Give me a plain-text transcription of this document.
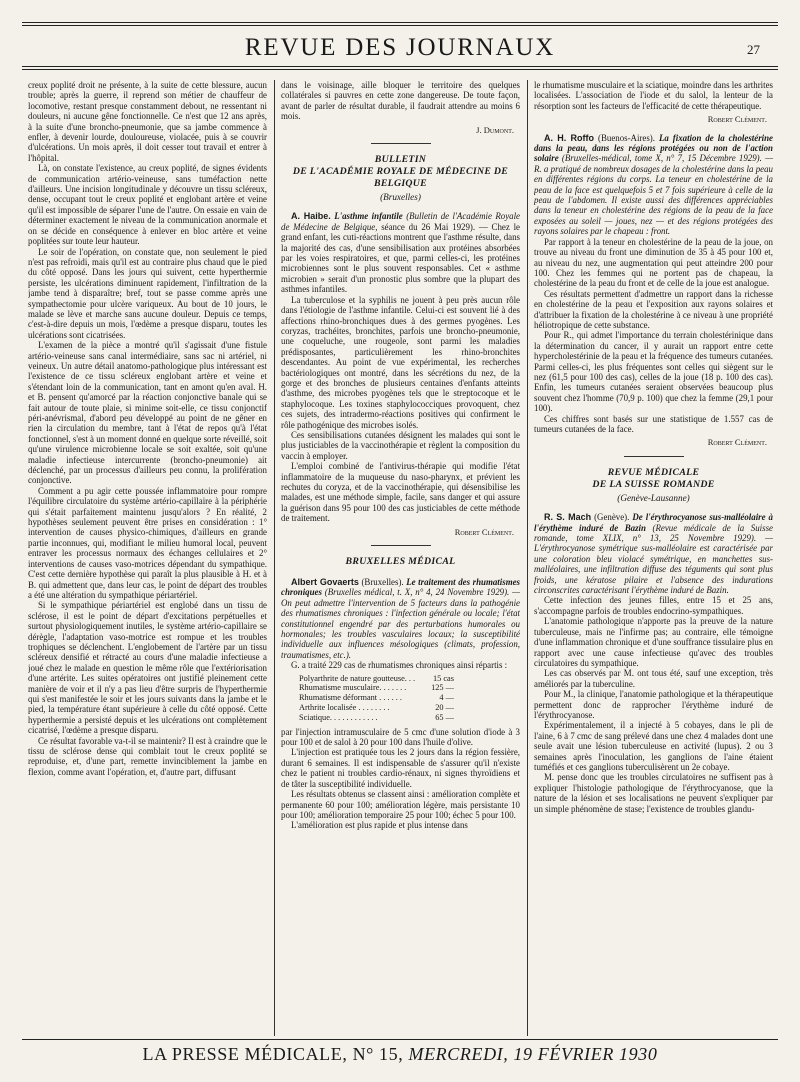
REVUE DES JOURNAUX	27

creux poplité droit ne présente, à la suite de cette blessure, aucun trouble; après la guerre, il reprend son métier de chauffeur de locomotive, restant presque constamment debout, ne ressentant ni douleurs, ni aucune gêne fonctionnelle. Ce n'est que 12 ans après, à la suite d'une broncho-pneumonie, que sa jambe commence à enfler, à devenir lourde, douloureuse, violacée, puis à se couvrir d'ulcérations. Un mois après, il doit cesser tout travail et entrer à l'hôpital.

Là, on constate l'existence, au creux poplité, de signes évidents de communication artério-veineuse, sans tuméfaction nette d'ailleurs. Une incision longitudinale y découvre un tissu scléreux, dense, occupant tout le creux poplité et englobant artère et veine qu'il est impossible de séparer l'une de l'autre. On essaie en vain de déterminer exactement le niveau de la communication anormale et on se décide en conséquence à enlever en bloc artère et veine poplitées sur toute leur hauteur.

Le soir de l'opération, on constate que, non seulement le pied n'est pas refroidi, mais qu'il est au contraire plus chaud que le pied du côté opposé. Dans les jours qui suivent, cette hyperthermie persiste, les ulcérations diminuent rapidement, l'infiltration de la jambe tend à disparaître; bref, tout se passe comme après une sympathectomie pour ulcère variqueux. Au bout de 10 jours, le malade se lève et marche sans aucune douleur. Depuis ce temps, c'est-à-dire depuis un mois, l'œdème a presque disparu, toutes les ulcérations sont cicatrisées.

L'examen de la pièce a montré qu'il s'agissait d'une fistule artério-veineuse sans canal intermédiaire, sans sac ni artériel, ni veineux. Un autre détail anatomo-pathologique plus intéressant est l'existence de ce tissu scléreux englobant artère et veine et s'étendant loin de la communication, tant en amont qu'en aval. H. et B. pensent qu'amorcé par la réaction conjonctive banale qui se fait autour de toute plaie, si minime soit-elle, ce tissu conjonctif péri-anévrismal, d'abord peu développé au point de ne gêner en rien la circulation du membre, tant à l'état de repos qu'à l'état fonctionnel, s'est à un moment donné en quelque sorte réveillé, soit qu'une virulence microbienne locale se soit exaltée, soit qu'une maladie infectieuse intercurrente (broncho-pneumonie) ait déclenché, par un processus d'ailleurs peu connu, la prolifération conjonctive.

Comment a pu agir cette poussée inflammatoire pour rompre l'équilibre circulatoire du système artério-capillaire à la périphérie qui s'était parfaitement maintenu jusqu'alors ? En réalité, 2 hypothèses seulement peuvent être prises en considération : 1° intervention de causes physico-chimiques, d'ailleurs en grande partie inconnues, qui, modifiant le milieu humoral local, peuvent entraver les processus normaux des échanges cellulaires et 2° interventions de causes vaso-motrices dépendant du sympathique. C'est cette dernière hypothèse qui paraît la plus plausible à H. et à B. qui admettent que, dans leur cas, le point de départ des troubles a été une altération du sympathique périartériel.

Si le sympathique périartériel est englobé dans un tissu de sclérose, il est le point de départ d'excitations perpétuelles et surtout physiologiquement inutiles, le système artério-capillaire se dérègle, l'adaptation vaso-motrice est rompue et les troubles trophiques se déclenchent. L'englobement de l'artère par un tissu scléreux densifié et rétracté au cours d'une maladie infectieuse a joué chez le malade en question le même rôle que l'extériorisation d'une artérite. Les suites opératoires ont justifié pleinement cette manière de voir et il n'y a pas lieu d'être surpris de l'hyperthermie qui s'est manifestée le soir et les jours suivants dans la jambe et le pied, la température étant supérieure à celle du côté opposé. Cette hyperthermie a persisté depuis et les ulcérations ont complètement cicatrisé, l'œdème a presque disparu.

Ce résultat favorable va-t-il se maintenir? Il est à craindre que le tissu de sclérose dense qui comblait tout le creux poplité se reproduise, et, d'une part, remette invinciblement la jambe en flexion, comme avant l'opération, et, d'autre part, diffusant

dans le voisinage, aille bloquer le territoire des quelques collatérales si pauvres en cette zone dangereuse. De toute façon, avant de parler de résultat durable, il faudrait attendre au moins 6 mois.

J. Dumont.
BULLETIN
DE L'ACADÉMIE ROYALE DE MÉDECINE DE BELGIQUE
(Bruxelles)

A. Haibe. L'asthme infantile (Bulletin de l'Académie Royale de Médecine de Belgique, séance du 26 Mai 1929). — Chez le grand enfant, les cuti-réactions montrent que l'asthme résulte, dans la majorité des cas, d'une sensibilisation aux protéines absorbées par les voies respiratoires, et que, parmi celles-ci, les protéines microbiennes sont le plus souvent responsables. Cet « asthme microbien » serait d'un pronostic plus sombre que la plupart des asthmes infantiles.

La tuberculose et la syphilis ne jouent à peu près aucun rôle dans l'étiologie de l'asthme infantile. Celui-ci est souvent lié à des affections rhino-bronchiques dues à des germes pyogènes. Les coryzas, trachéites, bronchites, parfois une broncho-pneumonie, une coqueluche, une rougeole, sont parmi les maladies prédisposantes, particulièrement les rhino-bronchites descendantes. Au point de vue expérimental, les recherches bactériologiques ont montré, dans les sécrétions du nez, de la gorge et des bronches de plusieurs centaines d'enfants atteints d'asthme, des microbes pyogènes tels que le streptocoque et le staphylocoque. Les toxines staphylococciques provoquent, chez ces sujets, des intradermo-réactions positives qui confirment le rôle pathogénique des microbes isolés.

Ces sensibilisations cutanées désignent les malades qui sont le plus justiciables de la vaccinothérapie et règlent la composition du vaccin à employer.

L'emploi combiné de l'antivirus-thérapie qui modifie l'état inflammatoire de la muqueuse du naso-pharynx, et prévient les rechutes du coryza, et de la vaccinothérapie, qui désensibilise les malades, est une méthode simple, facile, sans danger et qui assure la guérison dans 95 pour 100 des cas justiciables de cette méthode de traitement.

Robert Clément.
BRUXELLES MÉDICAL

Albert Govaerts (Bruxelles). Le traitement des rhumatismes chroniques (Bruxelles médical, t. X, n° 4, 24 Novembre 1929). — On peut admettre l'intervention de 5 facteurs dans la pathogénie des rhumatismes chroniques : l'infection générale ou locale; l'état constitutionnel engendré par des perturbations humorales ou hormonales; les troubles vasculaires locaux; la susceptibilité individuelle aux influences mésologiques (climats, profession, traumatismes, etc.).

G. a traité 229 cas de rhumatismes chroniques ainsi répartis :

Polyarthrite de nature goutteuse. . .	15 cas
Rhumatisme musculaire. . . . . . .	125 —
Rhumatisme déformant . . . . . .	4 —
Arthrite localisée . . . . . . . .	20 —
Sciatique. . . . . . . . . . . .	65 —

par l'injection intramusculaire de 5 cmc d'une solution d'iode à 3 pour 100 et de salol à 20 pour 100 dans l'huile d'olive.

L'injection est pratiquée tous les 2 jours dans la région fessière, durant 6 semaines. Il est indispensable de s'assurer qu'il n'existe chez le patient ni troubles cardio-rénaux, ni signes thyroïdiens et de tâter la susceptibilité individuelle.

Les résultats obtenus se classent ainsi : amélioration complète et permanente 60 pour 100; amélioration légère, mais persistante 10 pour 100; amélioration temporaire 25 pour 100; échec 5 pour 100.

L'amélioration est plus rapide et plus intense dans

le rhumatisme musculaire et la sciatique, moindre dans les arthrites localisées. L'association de l'iode et du salol, la lenteur de la résorption sont les facteurs de l'efficacité de cette thérapeutique.

Robert Clément.

A. H. Roffo (Buenos-Aires). La fixation de la cholestérine dans la peau, dans les régions protégées ou non de l'action solaire (Bruxelles-médical, tome X, n° 7, 15 Décembre 1929). — R. a pratiqué de nombreux dosages de la cholestérine dans la peau en différentes régions du corps. La teneur en cholestérine de la peau de la face est quelquefois 5 et 7 fois supérieure à celle de la peau de l'abdomen. Il existe aussi des différences appréciables dans la teneur en cholestérine des régions de la peau de la face exposées au soleil — joues, nez — et des régions protégées des rayons solaires par le chapeau : front.

Par rapport à la teneur en cholestérine de la peau de la joue, on trouve au niveau du front une diminution de 35 à 45 pour 100 et, au niveau du nez, une augmentation qui peut atteindre 200 pour 100. Chez les femmes qui ne portent pas de chapeau, la cholestérine de la peau du front et de celle de la joue est analogue.

Ces résultats permettent d'admettre un rapport dans la richesse en cholestérine de la peau et l'exposition aux rayons solaires et d'attribuer la fixation de la cholestérine à ce niveau à une propriété héliotropique de cette substance.

Pour R., qui admet l'importance du terrain cholestérinique dans la détermination du cancer, il y aurait un rapport entre cette hypercholestérinie de la peau et la fréquence des tumeurs cutanées. Parmi celles-ci, les plus fréquentes sont celles qui siègent sur le nez (61,5 pour 100 des cas), celles de la joue (18 p. 100 des cas). Enfin, les tumeurs cutanées seraient observées beaucoup plus souvent chez l'homme (70,9 p. 100) que chez la femme (29,1 pour 100).

Ces chiffres sont basés sur une statistique de 1.557 cas de tumeurs cutanées de la face.

Robert Clément.
REVUE MÉDICALE
DE LA SUISSE ROMANDE
(Genève-Lausanne)

R. S. Mach (Genève). De l'érythrocyanose sus-malléolaire à l'érythème induré de Bazin (Revue médicale de la Suisse romande, tome XLIX, n° 13, 25 Novembre 1929). — L'érythrocyanose symétrique sus-malléolaire est caractérisée par une coloration bleu violacé symétrique, en manchettes sus-malléolaires, une infiltration diffuse des téguments qui sont plus froids, une kératose pilaire et l'absence des indurations circonscrites caractérisant l'érythème induré de Bazin.

Cette infection des jeunes filles, entre 15 et 25 ans, s'accompagne parfois de troubles endocrino-sympathiques.

L'anatomie pathologique n'apporte pas la preuve de la nature tuberculeuse, mais ne l'infirme pas; au contraire, elle témoigne d'une inflammation chronique et d'une souffrance tissulaire plus en rapport avec une cause infectieuse qu'avec des troubles circulatoires du sympathique.

Les cas observés par M. ont tous été, sauf une exception, très améliorés par la tuberculine.

Pour M., la clinique, l'anatomie pathologique et la thérapeutique permettent donc de rapprocher l'érythème induré de l'érythrocyanose.

Expérimentalement, il a injecté à 5 cobayes, dans le pli de l'aine, 6 à 7 cmc de sang prélevé dans une chez 4 malades dont une seule avait une lésion tuberculeuse en activité (lupus). 2 ou 3 semaines après l'inoculation, les ganglions de l'aine étaient tuméfiés et ces ganglions tuberculisèrent un 2e cobaye.

M. pense donc que les troubles circulatoires ne suffisent pas à expliquer l'histologie pathologique de l'érythrocyanose, que la nature de la lésion et ses localisations ne peuvent s'expliquer par un simple phénomène de stase; l'existence de troubles glandu-

LA PRESSE MÉDICALE, N° 15, MERCREDI, 19 FÉVRIER 1930
